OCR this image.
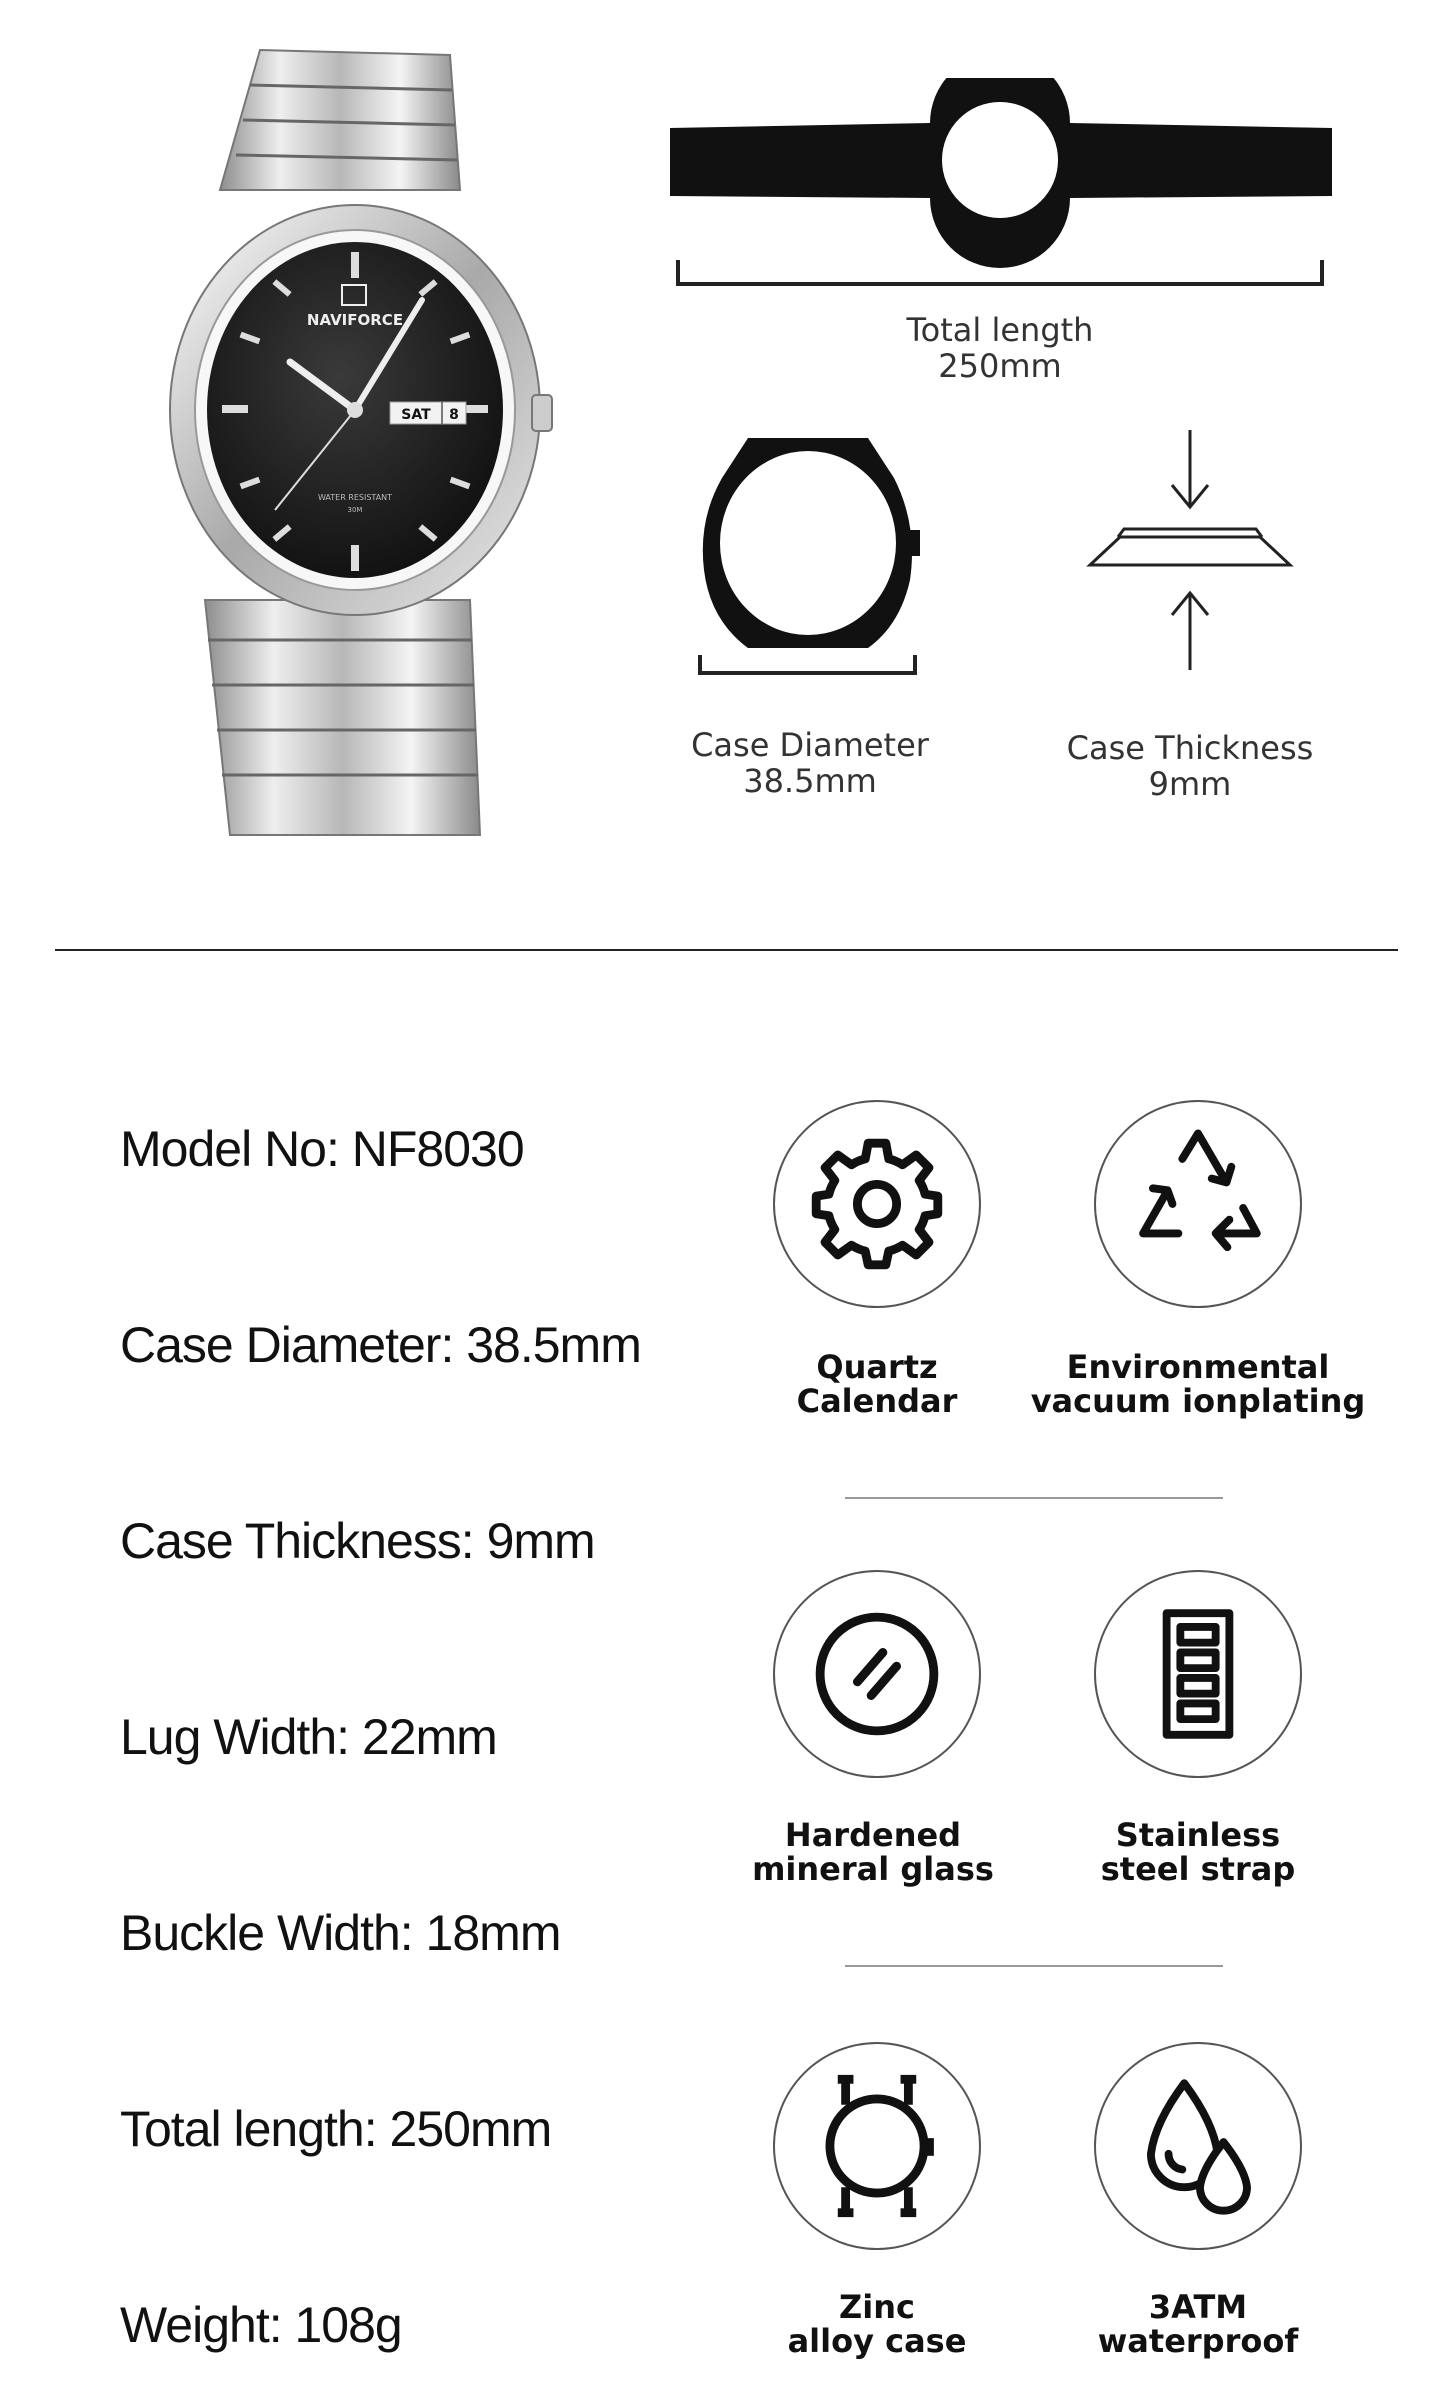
NAVIFORCE
SAT 8
WATER RESISTANT
30M
Total length
250mm
Case Diameter
38.5mm
Case Thickness
9mm
Model No: NF8030
Case Diameter: 38.5mm
Case Thickness: 9mm
Lug Width: 22mm
Buckle Width: 18mm
Total length: 250mm
Weight: 108g
Quartz
Calendar
Environmental
vacuum ionplating
Hardened
mineral glass
Stainless
steel strap
Zinc
alloy case
3ATM
waterproof
